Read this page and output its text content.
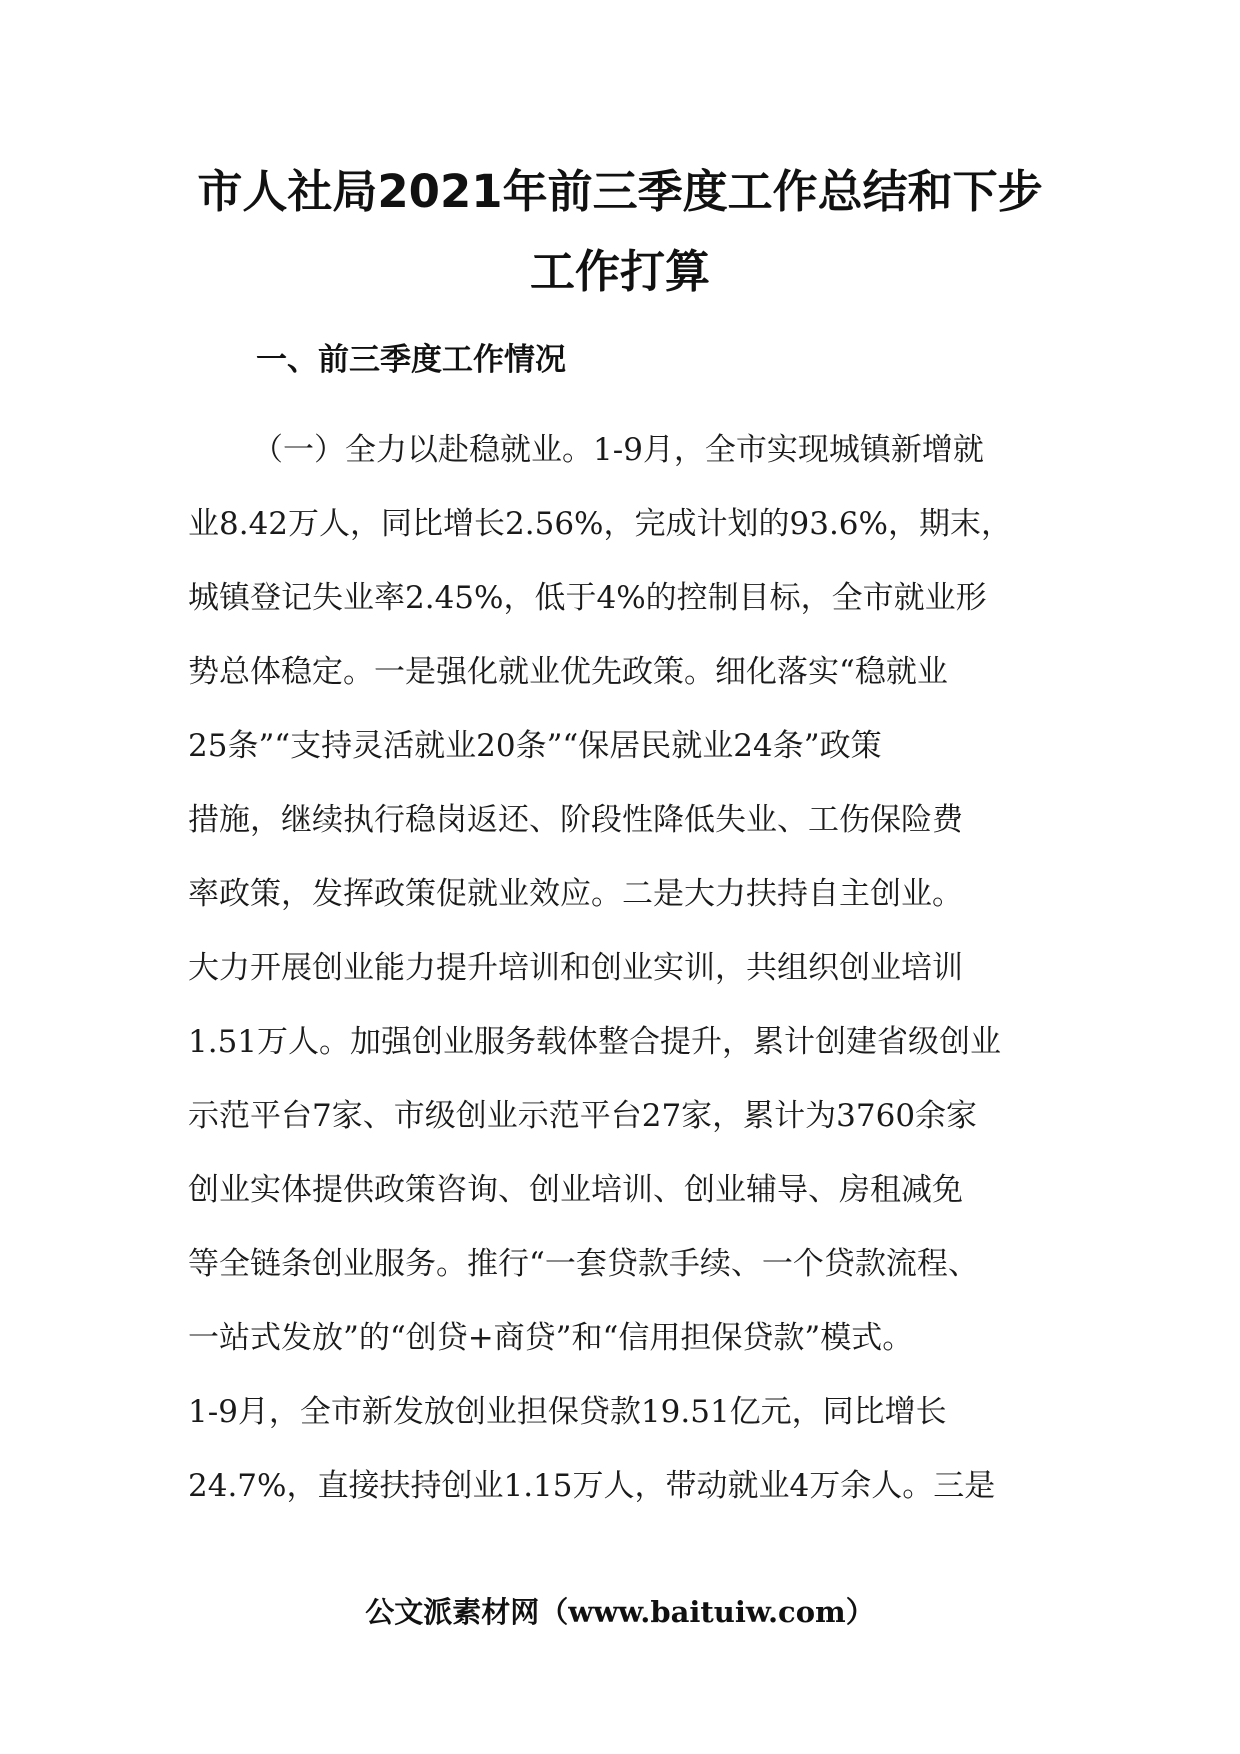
市人社局2021年前三季度工作总结和下步
工作打算
一、前三季度工作情况
（一）全力以赴稳就业。1-9月，全市实现城镇新增就
业8.42万人，同比增长2.56%，完成计划的93.6%，期末，
城镇登记失业率2.45%，低于4%的控制目标，全市就业形
势总体稳定。一是强化就业优先政策。细化落实“稳就业
25条”“支持灵活就业20条”“保居民就业24条”政策
措施，继续执行稳岗返还、阶段性降低失业、工伤保险费
率政策，发挥政策促就业效应。二是大力扶持自主创业。
大力开展创业能力提升培训和创业实训，共组织创业培训
1.51万人。加强创业服务载体整合提升，累计创建省级创业
示范平台7家、市级创业示范平台27家，累计为3760余家
创业实体提供政策咨询、创业培训、创业辅导、房租减免
等全链条创业服务。推行“一套贷款手续、一个贷款流程、
一站式发放”的“创贷+商贷”和“信用担保贷款”模式。
1-9月，全市新发放创业担保贷款19.51亿元，同比增长
24.7%，直接扶持创业1.15万人，带动就业4万余人。三是
公文派素材网（www.baituiw.com）
